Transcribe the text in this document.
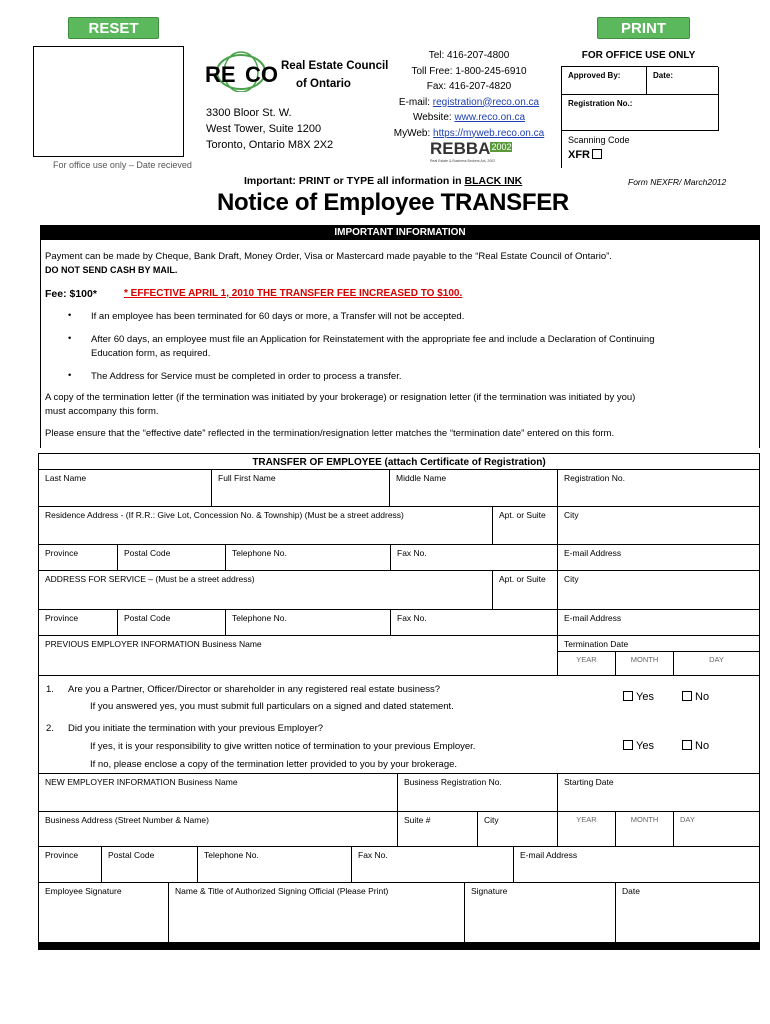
RESET	PRINT
For office use only – Date recieved
RE CO Real Estate Council
of Ontario
3300 Bloor St. W.
West Tower, Suite 1200
Toronto, Ontario M8X 2X2
Tel: 416-207-4800
Toll Free: 1-800-245-6910
Fax: 416-207-4820
E-mail: registration@reco.on.ca
Website: www.reco.on.ca
MyWeb: https://myweb.reco.on.ca
REBBA2002
Real Estate & Business Brokers Act, 2002
FOR OFFICE USE ONLY
Approved By:	Date:
Registration No.:
Scanning Code
XFR
Important: PRINT or TYPE all information in BLACK INK	Form NEXFR/ March2012
Notice of Employee TRANSFER
IMPORTANT INFORMATION
Payment can be made by Cheque, Bank Draft, Money Order, Visa or Mastercard made payable to the “Real Estate Council of Ontario”.
DO NOT SEND CASH BY MAIL.
Fee: $100*	* EFFECTIVE APRIL 1, 2010 THE TRANSFER FEE INCREASED TO $100.
• If an employee has been terminated for 60 days or more, a Transfer will not be accepted.
• After 60 days, an employee must file an Application for Reinstatement with the appropriate fee and include a Declaration of Continuing
Education form, as required.
• The Address for Service must be completed in order to process a transfer.
A copy of the termination letter (if the termination was initiated by your brokerage) or resignation letter (if the termination was initiated by you)
must accompany this form.
Please ensure that the “effective date” reflected in the termination/resignation letter matches the “termination date” entered on this form.
TRANSFER OF EMPLOYEE (attach Certificate of Registration)
Last Name	Full First Name	Middle Name	Registration No.
Residence Address - (If R.R.: Give Lot, Concession No. & Township) (Must be a street address)	Apt. or Suite	City
Province	Postal Code	Telephone No.	Fax No.	E-mail Address
ADDRESS FOR SERVICE – (Must be a street address)	Apt. or Suite	City
Province	Postal Code	Telephone No.	Fax No.	E-mail Address
PREVIOUS EMPLOYER INFORMATION Business Name	Termination Date
YEAR	MONTH	DAY
1. Are you a Partner, Officer/Director or shareholder in any registered real estate business?
If you answered yes, you must submit full particulars on a signed and dated statement.
Yes	No
2. Did you initiate the termination with your previous Employer?
If yes, it is your responsibility to give written notice of termination to your previous Employer.
If no, please enclose a copy of the termination letter provided to you by your brokerage.
Yes	No
NEW EMPLOYER INFORMATION Business Name	Business Registration No.	Starting Date
Business Address (Street Number & Name)	Suite #	City	YEAR	MONTH	DAY
Province	Postal Code	Telephone No.	Fax No.	E-mail Address
Employee Signature	Name & Title of Authorized Signing Official (Please Print)	Signature	Date
